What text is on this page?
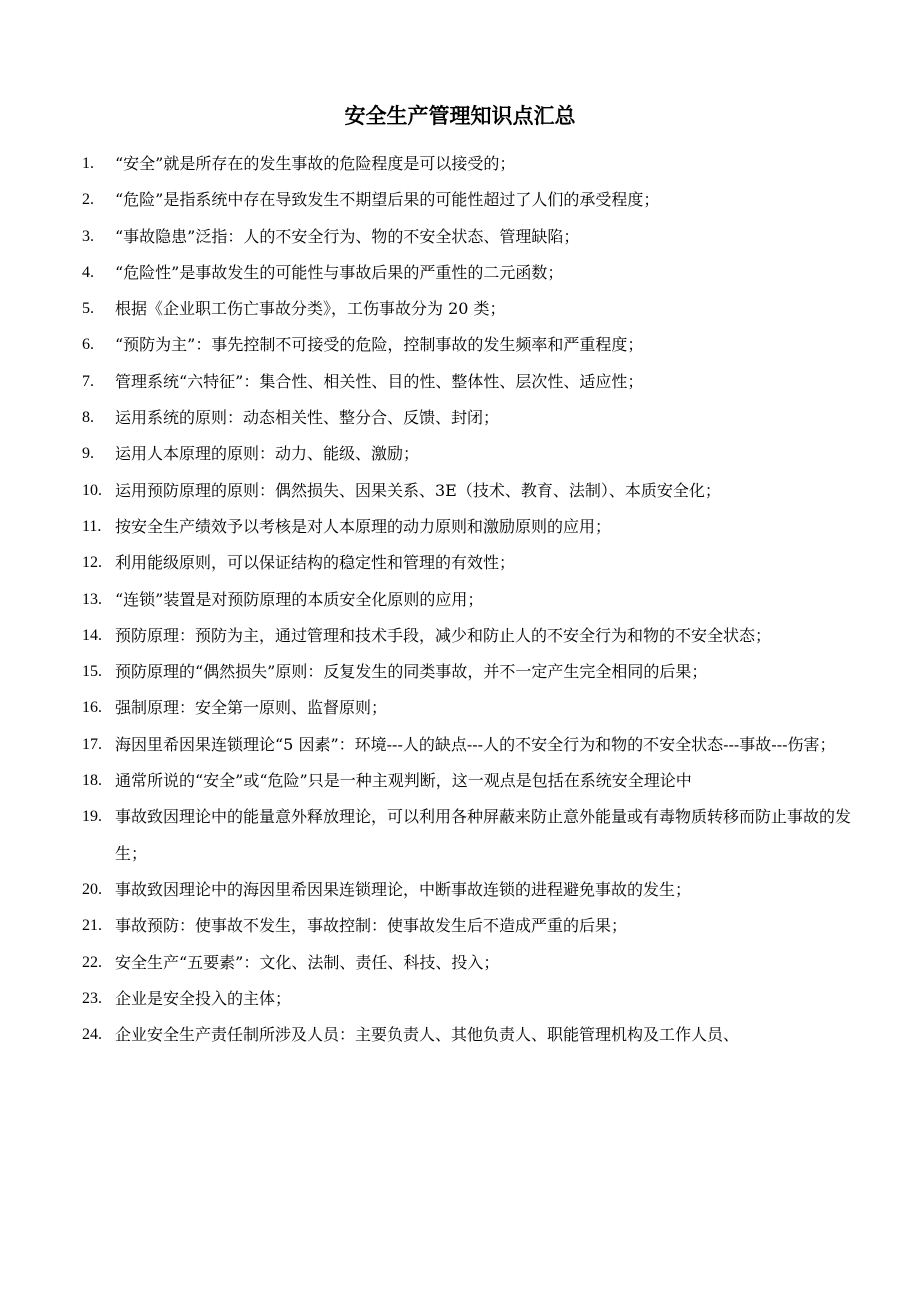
安全生产管理知识点汇总
1.	“安全”就是所存在的发生事故的危险程度是可以接受的；
2.	“危险”是指系统中存在导致发生不期望后果的可能性超过了人们的承受程度；
3.	“事故隐患”泛指：人的不安全行为、物的不安全状态、管理缺陷；
4.	“危险性”是事故发生的可能性与事故后果的严重性的二元函数；
5.	根据《企业职工伤亡事故分类》，工伤事故分为 20 类；
6.	“预防为主”：事先控制不可接受的危险，控制事故的发生频率和严重程度；
7.	管理系统“六特征”：集合性、相关性、目的性、整体性、层次性、适应性；
8.	运用系统的原则：动态相关性、整分合、反馈、封闭；
9.	运用人本原理的原则：动力、能级、激励；
10. 运用预防原理的原则：偶然损失、因果关系、3E（技术、教育、法制）、本质安全化；
11. 按安全生产绩效予以考核是对人本原理的动力原则和激励原则的应用；
12. 利用能级原则，可以保证结构的稳定性和管理的有效性；
13. “连锁”装置是对预防原理的本质安全化原则的应用；
14. 预防原理：预防为主，通过管理和技术手段，减少和防止人的不安全行为和物的不安全状态；
15. 预防原理的“偶然损失”原则：反复发生的同类事故，并不一定产生完全相同的后果；
16. 强制原理：安全第一原则、监督原则；
17. 海因里希因果连锁理论“5 因素”：环境---人的缺点---人的不安全行为和物的不安全状态---事故---伤害；
18. 通常所说的“安全”或“危险”只是一种主观判断，这一观点是包括在系统安全理论中
19. 事故致因理论中的能量意外释放理论，可以利用各种屏蔽来防止意外能量或有毒物质转移而防止事故的发生；
20. 事故致因理论中的海因里希因果连锁理论，中断事故连锁的进程避免事故的发生；
21. 事故预防：使事故不发生，事故控制：使事故发生后不造成严重的后果；
22. 安全生产“五要素”：文化、法制、责任、科技、投入；
23. 企业是安全投入的主体；
24. 企业安全生产责任制所涉及人员：主要负责人、其他负责人、职能管理机构及工作人员、
